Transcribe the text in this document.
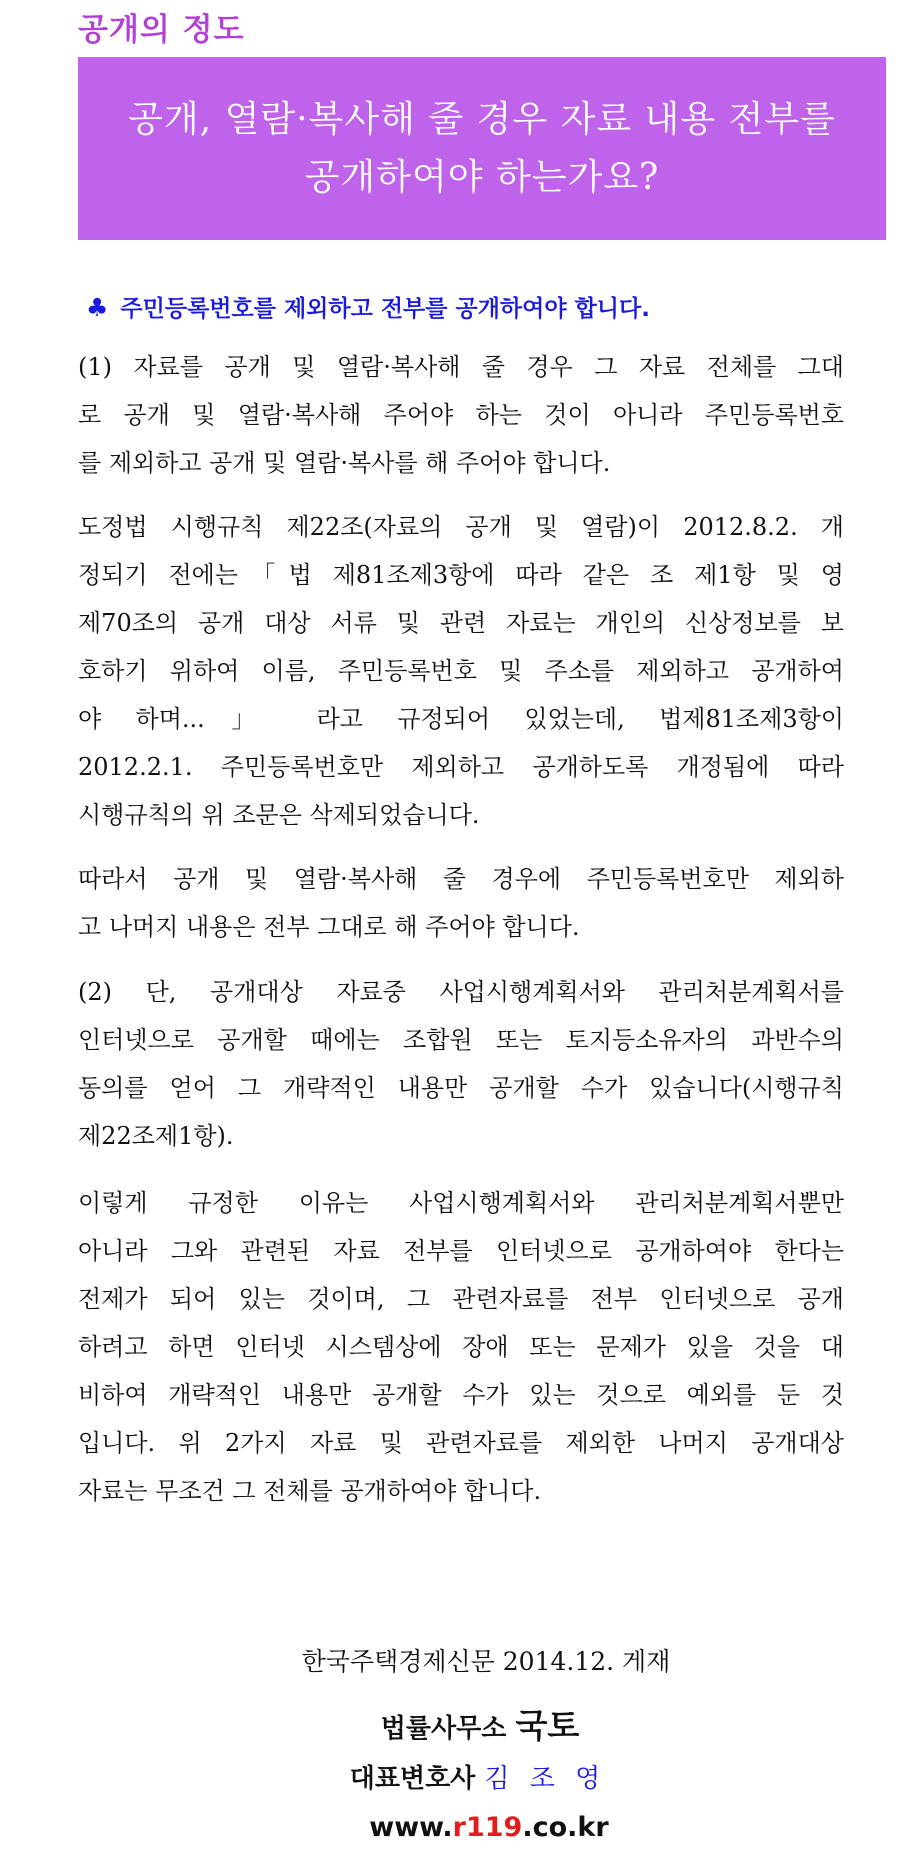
공개의 정도
공개, 열람·복사해 줄 경우 자료 내용 전부를
공개하여야 하는가요?
♣ 주민등록번호를 제외하고 전부를 공개하여야 합니다.
(1) 자료를 공개 및 열람·복사해 줄 경우 그 자료 전체를 그대
로 공개 및 열람·복사해 주어야 하는 것이 아니라 주민등록번호
를 제외하고 공개 및 열람·복사를 해 주어야 합니다.
도정법 시행규칙 제22조(자료의 공개 및 열람)이 2012.8.2. 개
정되기 전에는「법 제81조제3항에 따라 같은 조 제1항 및 영
제70조의 공개 대상 서류 및 관련 자료는 개인의 신상정보를 보
호하기 위하여 이름, 주민등록번호 및 주소를 제외하고 공개하여
야 하며...」 라고 규정되어 있었는데, 법제81조제3항이
2012.2.1. 주민등록번호만 제외하고 공개하도록 개정됨에 따라
시행규칙의 위 조문은 삭제되었습니다.
따라서 공개 및 열람·복사해 줄 경우에 주민등록번호만 제외하
고 나머지 내용은 전부 그대로 해 주어야 합니다.
(2) 단, 공개대상 자료중 사업시행계획서와 관리처분계획서를
인터넷으로 공개할 때에는 조합원 또는 토지등소유자의 과반수의
동의를 얻어 그 개략적인 내용만 공개할 수가 있습니다(시행규칙
제22조제1항).
이렇게 규정한 이유는 사업시행계획서와 관리처분계획서뿐만
아니라 그와 관련된 자료 전부를 인터넷으로 공개하여야 한다는
전제가 되어 있는 것이며, 그 관련자료를 전부 인터넷으로 공개
하려고 하면 인터넷 시스템상에 장애 또는 문제가 있을 것을 대
비하여 개략적인 내용만 공개할 수가 있는 것으로 예외를 둔 것
입니다. 위 2가지 자료 및 관련자료를 제외한 나머지 공개대상
자료는 무조건 그 전체를 공개하여야 합니다.
한국주택경제신문 2014.12. 게재
법률사무소 국토
대표변호사 김 조 영
www.r119.co.kr
